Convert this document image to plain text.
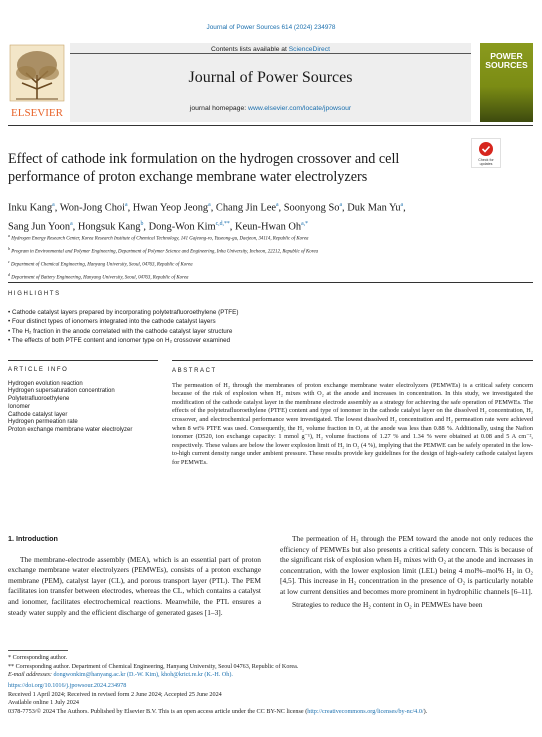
Journal of Power Sources 614 (2024) 234978
ELSEVIER
Contents lists available at ScienceDirect
Journal of Power Sources
journal homepage: www.elsevier.com/locate/jpowsour
POWER
SOURCES
Effect of cathode ink formulation on the hydrogen crossover and cell performance of proton exchange membrane water electrolyzers
Check for
updates
Inku Kang$^a$, Won-Jong Choi$^a$, Hwan Yeop Jeong$^a$, Chang Jin Lee$^a$, Soonyong So$^a$, Duk Man Yu$^a$,
Sang Jun Yoon$^a$, Hongsuk Kang$^b$, Dong-Won Kim$^{c,d,**}$, Keun-Hwan $Oh^{a,*}$
$^a$ Hydrogen Energy Research Center, Korea Research Institute of Chemical Technology, 141 Gajeong-ro, Yuseong-gu, Daejeon, 34114, Republic of Korea
$^b$ Program in Environmental and Polymer Engineering, Department of Polymer Science and Engineering, Inha University, Incheon, 22212, Republic of Korea
$^c$ Department of Chemical Engineering, Hanyang University, Seoul, 04763, Republic of Korea
$^d$ Department of Battery Engineering, Hanyang University, Seoul, 04763, Republic of Korea
HIGHLIGHTS
• Cathode catalyst layers prepared by incorporating polytetrafluoroethylene (PTFE)
• Four distinct types of ionomers integrated into the cathode catalyst layers
• The H₂ fraction in the anode correlated with the cathode catalyst layer structure
• The effects of both PTFE content and ionomer type on H₂ crossover examined
ARTICLE INFO
Hydrogen evolution reaction
Hydrogen supersaturation concentration
Polytetrafluoroethylene
Ionomer
Cathode catalyst layer
Hydrogen permeation rate
Proton exchange membrane water electrolyzer
ABSTRACT

The permeation of H₂ through the membranes of proton exchange membrane water electrolyzers (PEMWEs) is a critical safety concern because of the risk of explosion when H₂ mixes with O₂ at the anode and increases in concentration. In this study, we investigated the modification of the cathode catalyst layer in the membrane electrode assembly as a strategy for achieving the safe operation of PEMWEs. The effects of the polytetrafluoroethylene (PTFE) content and type of ionomer in the cathode catalyst layer on the dissolved H₂ concentration, H₂ crossover, and electrochemical performance were investigated. The lowest dissolved H₂ concentration and H₂ permeation rate were achieved when 8 wt% PTFE was used. Consequently, the H₂ volume fraction in O₂ at the anode was less than 0.88 %. Additionally, using the Nafion ionomer (D520, ion exchange capacity: 1 mmol g⁻¹), H₂ volume fractions of 1.27 % and 1.34 % were obtained at 0.08 and 5 A cm⁻², respectively. These values are below the lower explosion limit of H₂ in O₂ (4 %), implying that the PEMWE can be safely operated in the low-to-high current density range under ambient pressure. These results provide key guidelines for the design of high-safety cathode catalyst layers for PEMWEs.

1. Introduction

The membrane-electrode assembly (MEA), which is an essential part of proton exchange membrane water electrolyzers (PEMWEs), consists of a proton exchange membrane (PEM), catalyst layer (CL), and porous transport layer (PTL). The PEM facilitates ion transfer between electrodes, whereas the CL, which contains a catalyst and ionomer, facilitates electrochemical reactions. Meanwhile, the PTL ensures a steady water supply and the efficient discharge of generated gases [1–3].

The permeation of H₂ through the PEM toward the anode not only reduces the efficiency of PEMWEs but also presents a critical safety concern. This is because of the significant risk of explosion when H₂ mixes with O₂ at the anode and increases in concentration, with the lower explosion limit (LEL) being 4 mol%–mol% H₂ in O₂ [4,5]. This increase in H₂ concentration in the presence of O₂ is particularly notable at low current densities and becomes more prominent in hydrophilic channels [6–11].

Strategies to reduce the H₂ content in O₂ in PEMWEs have been

* Corresponding author.
** Corresponding author. Department of Chemical Engineering, Hanyang University, Seoul 04763, Republic of Korea.
E-mail addresses: dongwonkim@hanyang.ac.kr (D.-W. Kim), khoh@krict.re.kr (K.-H. Oh).
https://doi.org/10.1016/j.jpowsour.2024.234978
Received 1 April 2024; Received in revised form 2 June 2024; Accepted 25 June 2024
Available online 1 July 2024
0378-7753/© 2024 The Authors. Published by Elsevier B.V. This is an open access article under the CC BY-NC license (http://creativecommons.org/licenses/by-nc/4.0/).
